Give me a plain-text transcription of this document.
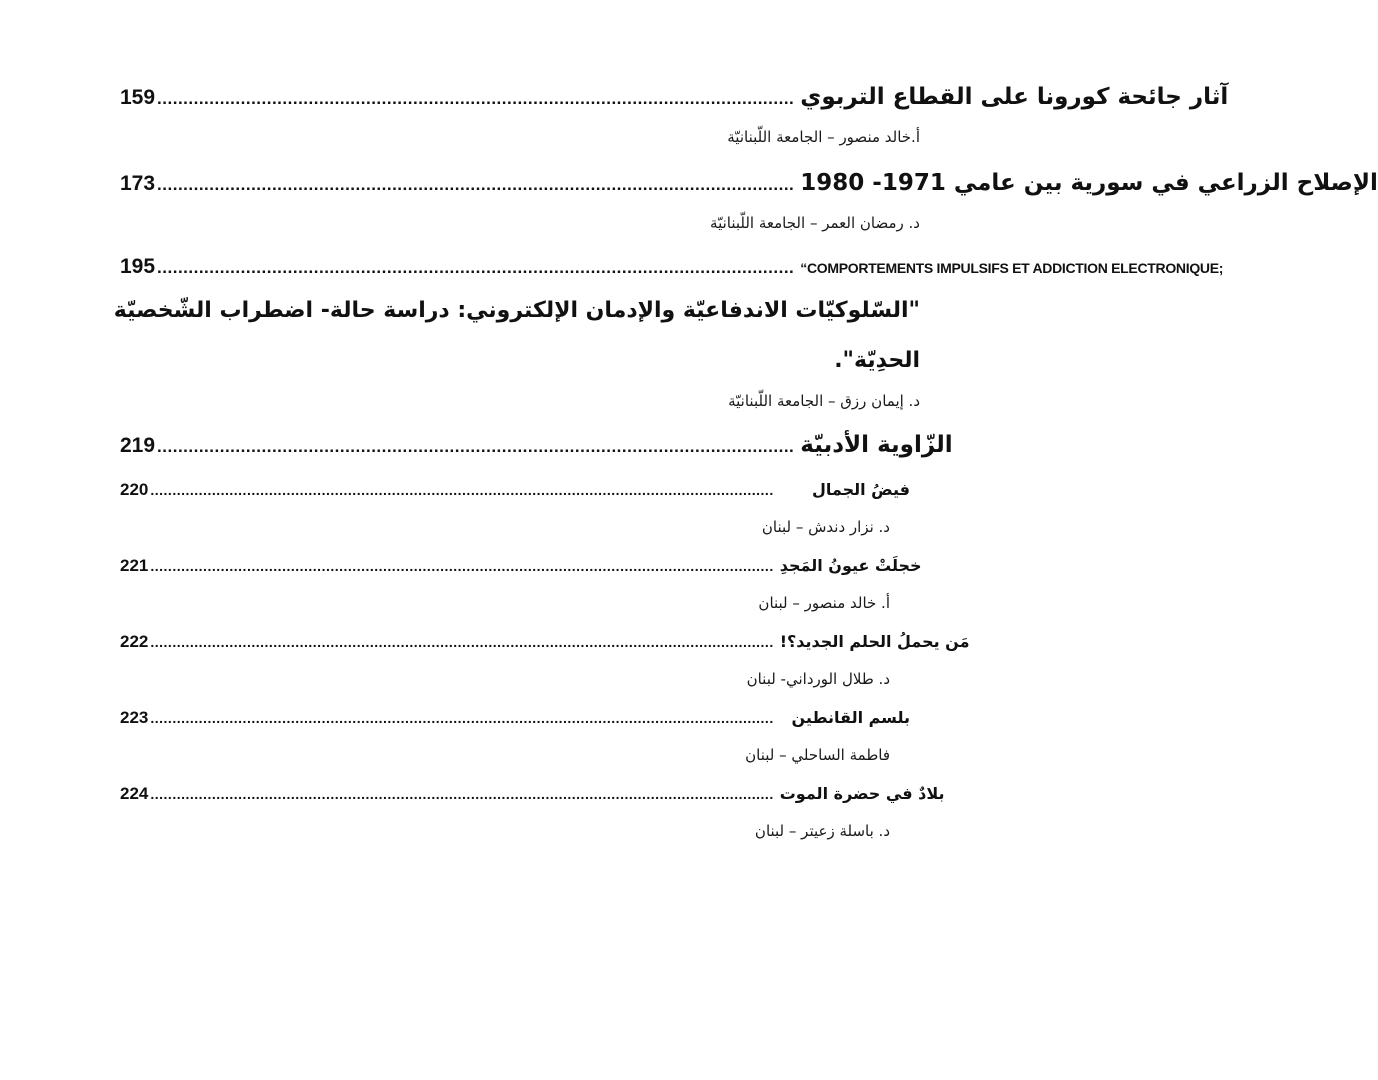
159 .......................................................................................................................... آثار جائحة كورونا على القطاع التربوي
أ.خالد منصور – الجامعة اللّبنانيّة
173 .......................................................................................................................... الإصلاح الزراعي في سورية بين عامي 1971- 1980
د. رمضان العمر – الجامعة اللّبنانيّة
195 .......................................................................................................................... “COMPORTEMENTS IMPULSIFS ET ADDICTION ELECTRONIQUE;
"السّلوكيّات الاندفاعيّة والإدمان الإلكتروني: دراسة حالة- اضطراب الشّخصيّة
الحدِيّة".
د. إيمان رزق – الجامعة اللّبنانيّة
219 .......................................................................................................................... الزّاوية الأدبيّة
220 ..............................................................................................................................................	فيضُ الجمال
د. نزار دندش – لبنان
221 .............................................................................................................................................. خجلَتْ عيونُ المَجدِ
أ. خالد منصور – لبنان
222 .............................................................................................................................................. مَن يحملُ الحلم الجديد؟!
د. طلال الورداني- لبنان
223 ..............................................................................................................................................	بلسم القانطين
فاطمة الساحلي – لبنان
224 .............................................................................................................................................. بلادٌ في حضرة الموت
د. باسلة زعيتر – لبنان
